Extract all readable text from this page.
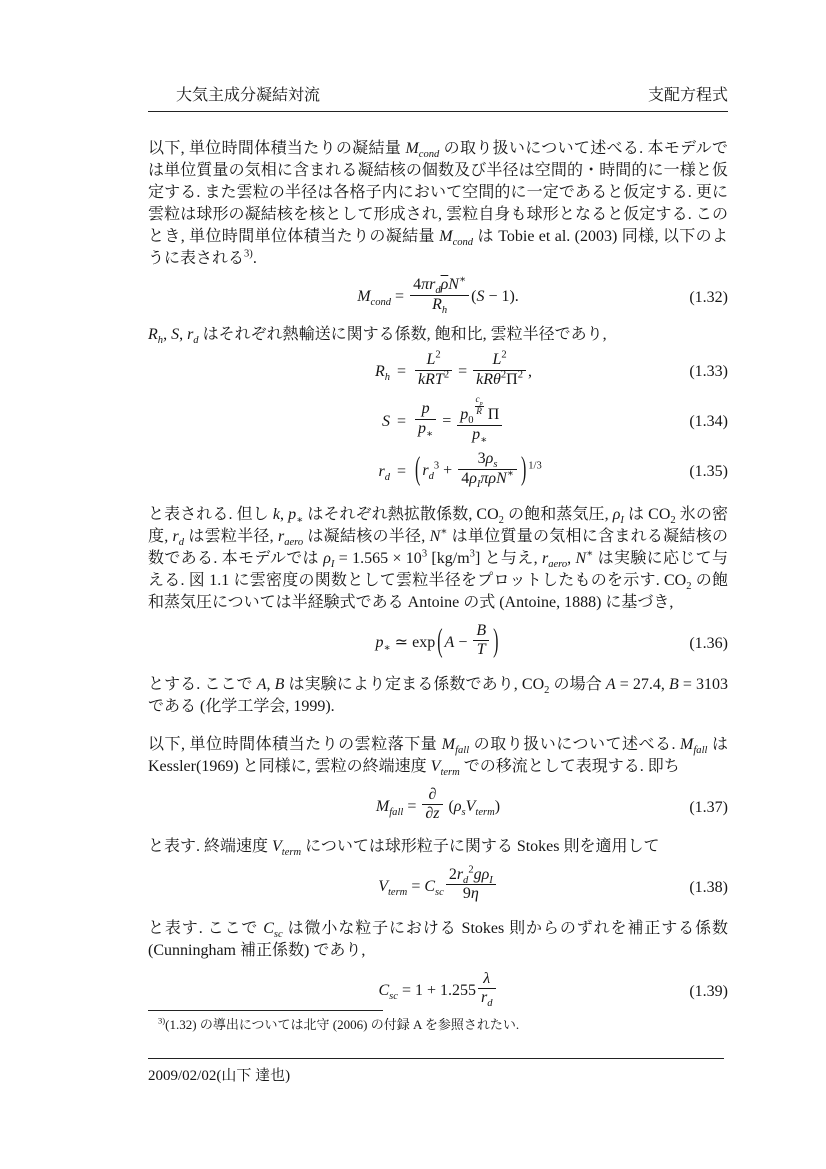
大気主成分凝結対流	支配方程式
以下, 単位時間体積当たりの凝結量 $M_{cond}$ の取り扱いについて述べる. 本モデルでは単位質量の気相に含まれる凝結核の個数及び半径は空間的・時間的に一様と仮定する. また雲粒の半径は各格子内において空間的に一定であると仮定する. 更に雲粒は球形の凝結核を核として形成され, 雲粒自身も球形となると仮定する. このとき, 単位時間単位体積当たりの凝結量 $M_{cond}$ は Tobie et al. (2003) 同様, 以下のように表される$^{3)}$.
$M_{cond} = \frac{4\pi r_d\overline{\rho}N^∗}{R_h} (S - 1)$.	(1.32)
$R_h$, S, $r_d$ はそれぞれ熱輸送に関する係数, 飽和比, 雲粒半径であり,
$R_h = \frac{L^2}{kRT^2} = \frac{L^2}{kR\theta^2\Pi^2}$ ,	(1.33)
$S = \frac{p}{p_∗} = p_0$
$\frac{c_p}{R}$ Π
$p_∗$	(1.34)
$r_d$ = ( $r_d^3 + \frac{3\rho_s}{4\rho_I\pi\overline{\rho}N^∗}$ ) $^{1/3}$	(1.35)
と表される. 但し k, $p_∗$ はそれぞれ熱拡散係数, $CO_2$ の飽和蒸気圧, $\rho_I$ は $CO_2$ 氷の密度, $r_d$ は雲粒半径, $r_{aero}$ は凝結核の半径, N∗ は単位質量の気相に含まれる凝結核の数である. 本モデルでは $\rho_I = 1.565 \times 10^3$ $[kg/m^3]$ と与え, $r_{aero}$, N∗ は実験に応じて与える. 図 1.1 に雲密度の関数として雲粒半径をプロットしたものを示す. $CO_2$ の飽和蒸気圧については半経験式である Antoine の式 (Antoine, 1888) に基づき,
$p_∗$ ≃ exp ( $A - \frac{B}{T}$ )	(1.36)
とする. ここで A, B は実験により定まる係数であり, $CO_2$ の場合 A = 27.4, B = 3103 である (化学工学会, 1999).
以下, 単位時間体積当たりの雲粒落下量 $M_{fall}$ の取り扱いについて述べる. $M_{fall}$ は Kessler(1969) と同様に, 雲粒の終端速度 $V_{term}$ での移流として表現する. 即ち
$M_{fall} = \frac{\partial}{\partial z} (\rho_sV_{term})$	(1.37)
と表す. 終端速度 $V_{term}$ については球形粒子に関する Stokes 則を適用して
$V_{term} = C_{sc} \frac{2r_d^2g\rho_I}{9\eta}$	(1.38)
と表す. ここで $C_{sc}$ は微小な粒子における Stokes 則からのずれを補正する係数 (Cunningham 補正係数) であり,
$C_{sc} = 1 + 1.255 \frac{\lambda}{r_d}$	(1.39)
$^{3)}$(1.32) の導出については北守 (2006) の付録 A を参照されたい.
2009/02/02(山下 達也)
